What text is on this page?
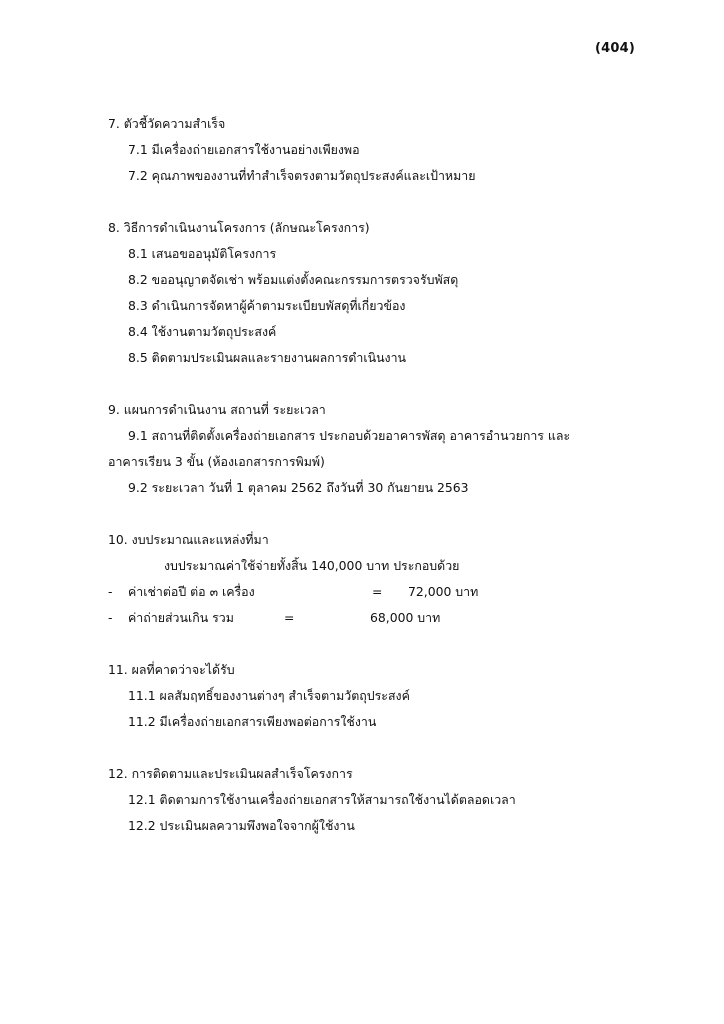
(404)
7. ตัวชี้วัดความสำเร็จ
7.1 มีเครื่องถ่ายเอกสารใช้งานอย่างเพียงพอ
7.2 คุณภาพของงานที่ทำสำเร็จตรงตามวัตถุประสงค์และเป้าหมาย
8. วิธีการดำเนินงานโครงการ (ลักษณะโครงการ)
8.1 เสนอขออนุมัติโครงการ
8.2 ขออนุญาตจัดเช่า พร้อมแต่งตั้งคณะกรรมการตรวจรับพัสดุ
8.3 ดำเนินการจัดหาผู้ค้าตามระเบียบพัสดุที่เกี่ยวข้อง
8.4 ใช้งานตามวัตถุประสงค์
8.5 ติดตามประเมินผลและรายงานผลการดำเนินงาน
9. แผนการดำเนินงาน สถานที่ ระยะเวลา
9.1 สถานที่ติดตั้งเครื่องถ่ายเอกสาร ประกอบด้วยอาคารพัสดุ อาคารอำนวยการ และ
อาคารเรียน 3 ขั้น (ห้องเอกสารการพิมพ์)
9.2 ระยะเวลา วันที่ 1 ตุลาคม 2562 ถึงวันที่ 30 กันยายน 2563
10. งบประมาณและแหล่งที่มา
งบประมาณค่าใช้จ่ายทั้งสิ้น 140,000 บาท ประกอบด้วย
- ค่าเช่าต่อปี ต่อ ๓ เครื่อง	= 72,000 บาท
- ค่าถ่ายส่วนเกิน รวม	=	68,000 บาท
11. ผลที่คาดว่าจะได้รับ
11.1 ผลสัมฤทธิ์ของงานต่างๆ สำเร็จตามวัตถุประสงค์
11.2 มีเครื่องถ่ายเอกสารเพียงพอต่อการใช้งาน
12. การติดตามและประเมินผลสำเร็จโครงการ
12.1 ติดตามการใช้งานเครื่องถ่ายเอกสารให้สามารถใช้งานได้ตลอดเวลา
12.2 ประเมินผลความพึงพอใจจากผู้ใช้งาน
